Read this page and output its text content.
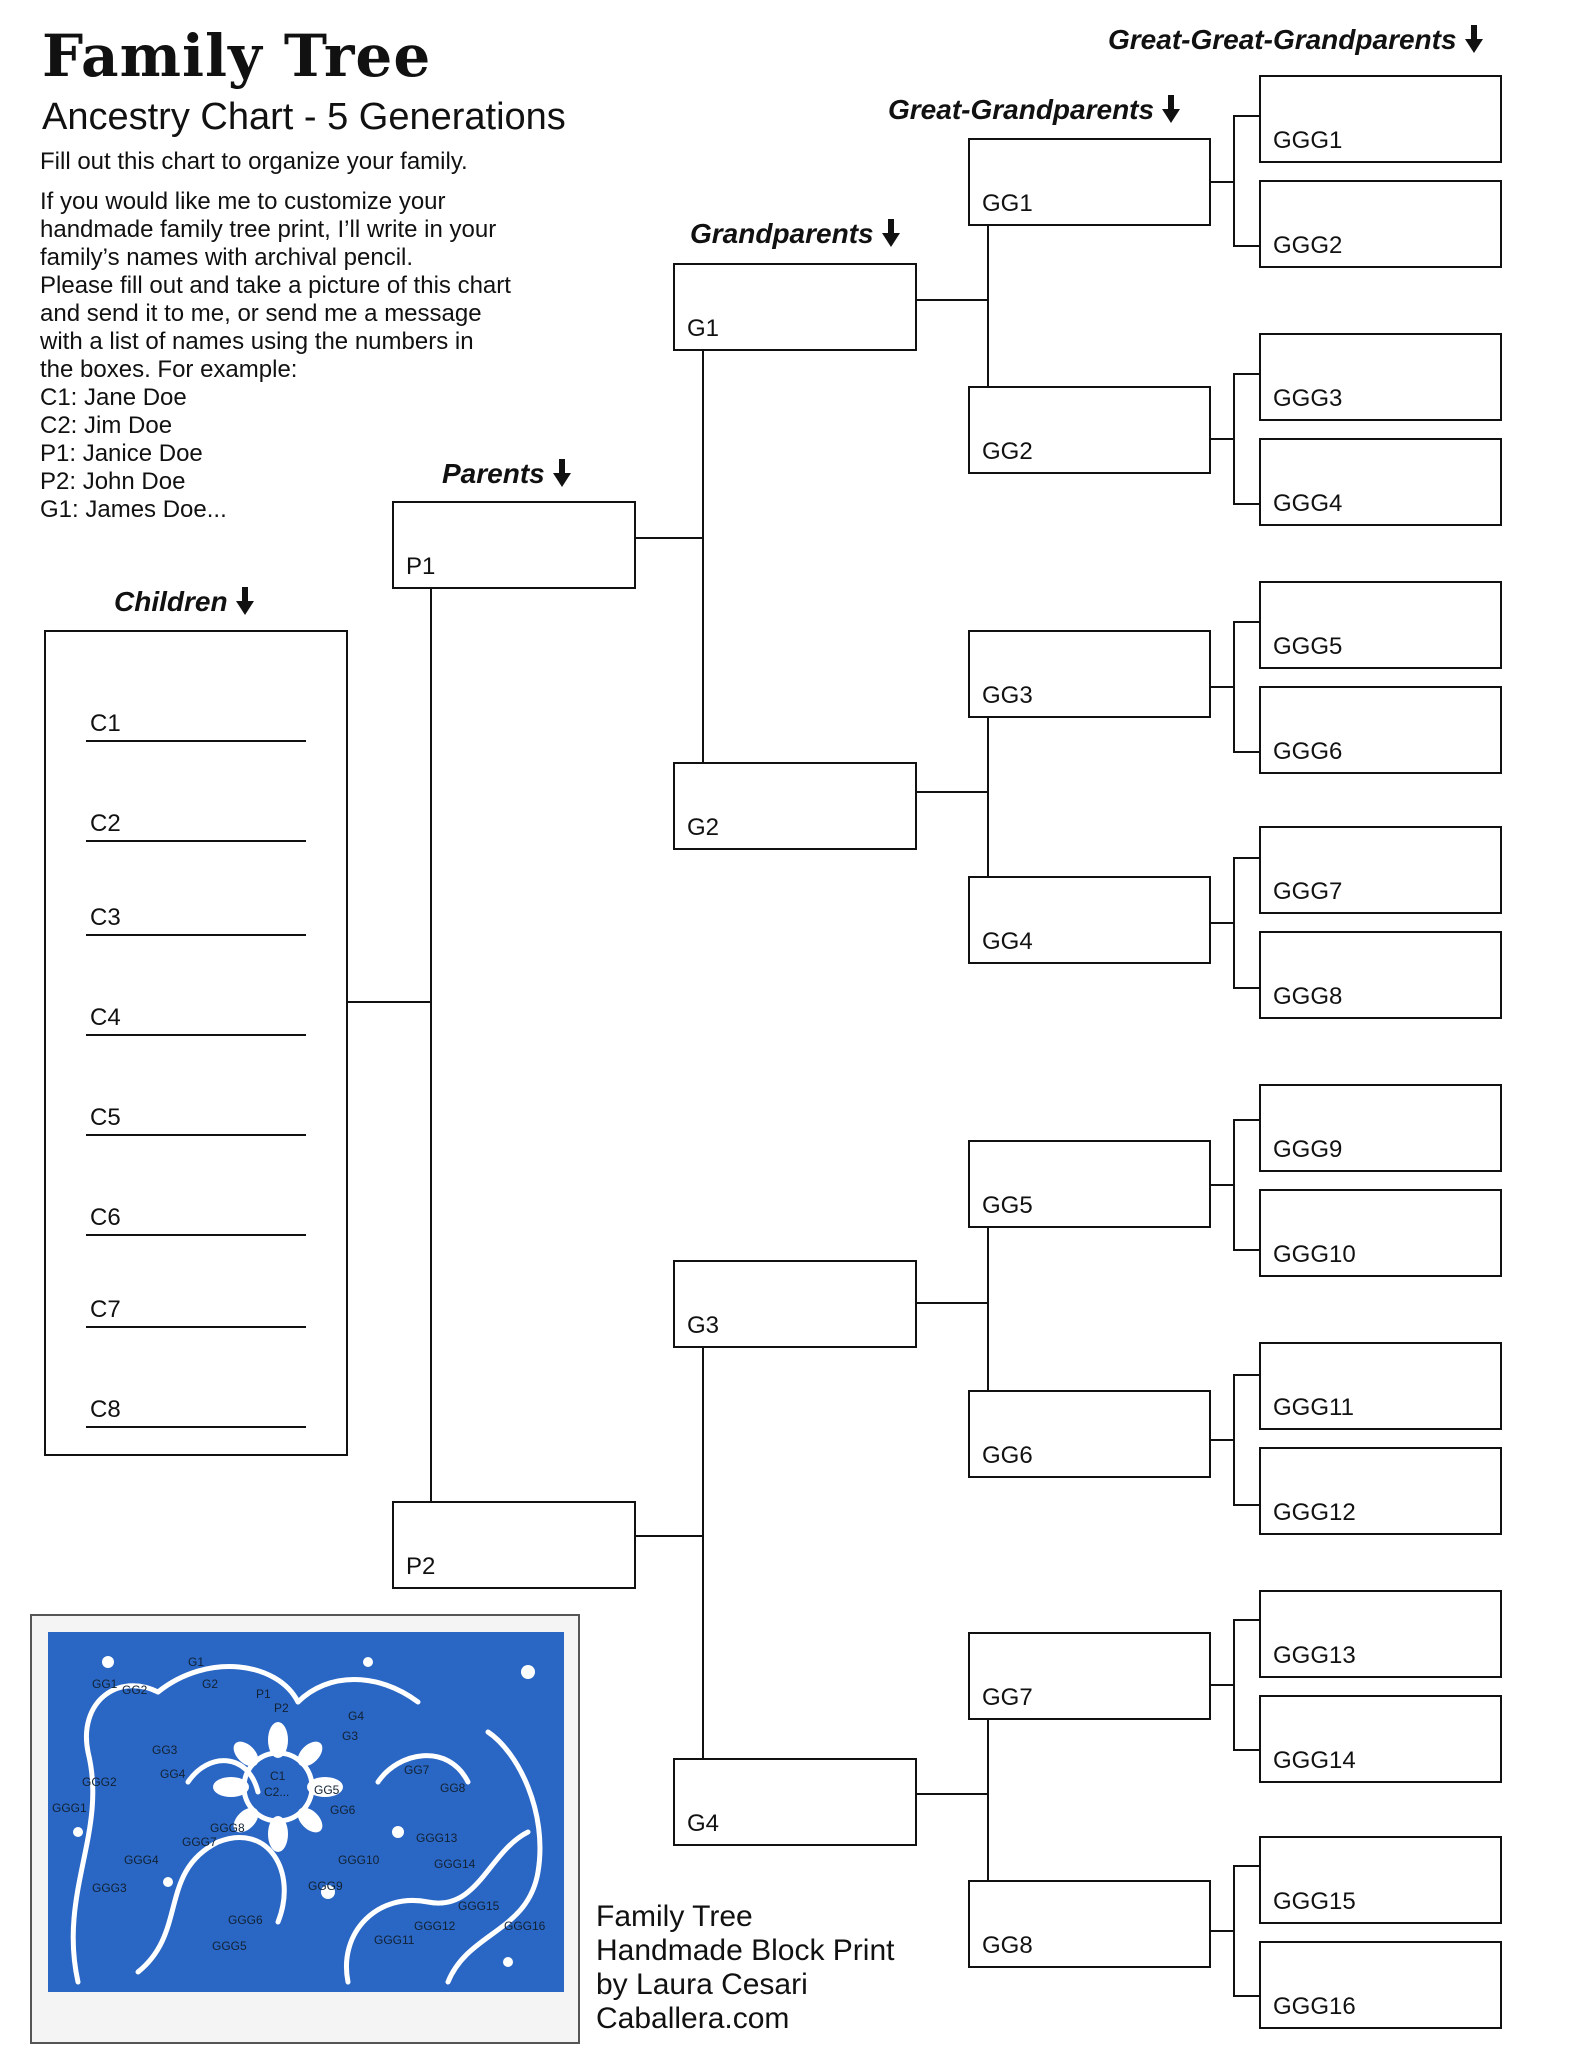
Family Tree
Ancestry Chart - 5 Generations
Fill out this chart to organize your family.
If you would like me to customize your
handmade family tree print, I’ll write in your
family’s names with archival pencil.
Please fill out and take a picture of this chart
and send it to me, or send me a message
with a list of names using the numbers in
the boxes. For example:
C1: Jane Doe
C2: Jim Doe
P1: Janice Doe
P2: John Doe
G1: James Doe...
Children
Parents
Grandparents
Great-Grandparents
Great-Great-Grandparents
C1
C2
C3
C4
C5
C6
C7
C8
P1
P2
G1
G2
G3
G4
GG1
GG2
GG3
GG4
GG5
GG6
GG7
GG8
GGG1
GGG2
GGG3
GGG4
GGG5
GGG6
GGG7
GGG8
GGG9
GGG10
GGG11
GGG12
GGG13
GGG14
GGG15
GGG16
G1
G2
GG1 GG2	P1
P2
G4
G3
GG3
GG4	C1
C2... GG5
GG6
GG7
GG8
GGG1
GGG2
GGG3
GGG4
GGG5
GGG6
GGG7
GGG8
GGG9
GGG10
GGG11
GGG12
GGG13
GGG14
GGG15
GGG16 Family Tree
Handmade Block Print
by Laura Cesari
Caballera.com
